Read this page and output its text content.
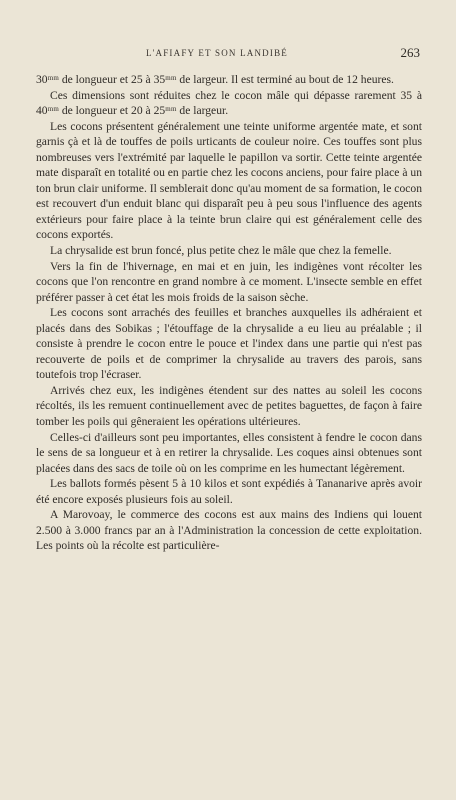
L'AFIAFY ET SON LANDIBÉ	263

30ᵐᵐ de longueur et 25 à 35ᵐᵐ de largeur. Il est terminé au bout de 12 heures.

Ces dimensions sont réduites chez le cocon mâle qui dépasse rarement 35 à 40ᵐᵐ de longueur et 20 à 25ᵐᵐ de largeur.

Les cocons présentent généralement une teinte uniforme argentée mate, et sont garnis çà et là de touffes de poils urticants de couleur noire. Ces touffes sont plus nombreuses vers l'extrémité par laquelle le papillon va sortir. Cette teinte argentée mate disparaît en totalité ou en partie chez les cocons anciens, pour faire place à un ton brun clair uniforme. Il semblerait donc qu'au moment de sa formation, le cocon est recouvert d'un enduit blanc qui disparaît peu à peu sous l'influence des agents extérieurs pour faire place à la teinte brun claire qui est généralement celle des cocons exportés.

La chrysalide est brun foncé, plus petite chez le mâle que chez la femelle.

Vers la fin de l'hivernage, en mai et en juin, les indigènes vont récolter les cocons que l'on rencontre en grand nombre à ce moment. L'insecte semble en effet préférer passer à cet état les mois froids de la saison sèche.

Les cocons sont arrachés des feuilles et branches auxquelles ils adhéraient et placés dans des Sobikas ; l'étouffage de la chrysalide a eu lieu au préalable ; il consiste à prendre le cocon entre le pouce et l'index dans une partie qui n'est pas recouverte de poils et de comprimer la chrysalide au travers des parois, sans toutefois trop l'écraser.

Arrivés chez eux, les indigènes étendent sur des nattes au soleil les cocons récoltés, ils les remuent continuellement avec de petites baguettes, de façon à faire tomber les poils qui gêneraient les opérations ultérieures.

Celles-ci d'ailleurs sont peu importantes, elles consistent à fendre le cocon dans le sens de sa longueur et à en retirer la chrysalide. Les coques ainsi obtenues sont placées dans des sacs de toile où on les comprime en les humectant légèrement.

Les ballots formés pèsent 5 à 10 kilos et sont expédiés à Tananarive après avoir été encore exposés plusieurs fois au soleil.

A Marovoay, le commerce des cocons est aux mains des Indiens qui louent 2.500 à 3.000 francs par an à l'Administration la concession de cette exploitation. Les points où la récolte est particulière-
